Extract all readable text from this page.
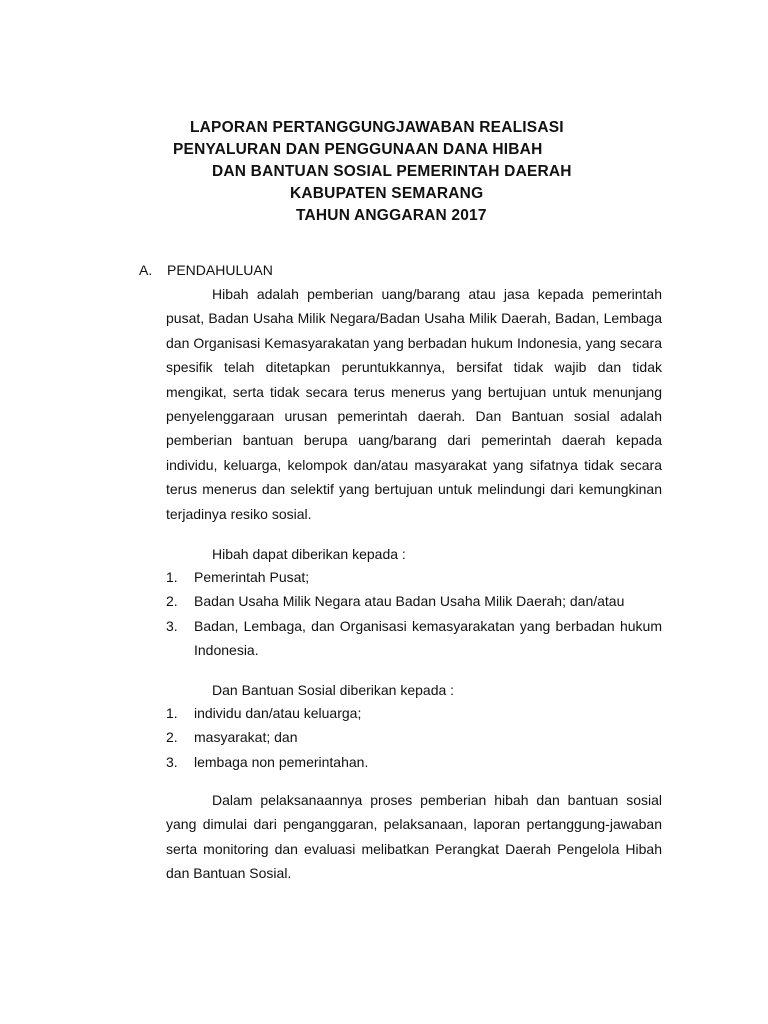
LAPORAN PERTANGGUNGJAWABAN REALISASI
PENYALURAN DAN PENGGUNAAN DANA HIBAH
DAN BANTUAN SOSIAL PEMERINTAH DAERAH
KABUPATEN SEMARANG
TAHUN ANGGARAN 2017
A. PENDAHULUAN

Hibah adalah pemberian uang/barang atau jasa kepada pemerintah pusat, Badan Usaha Milik Negara/Badan Usaha Milik Daerah, Badan, Lembaga dan Organisasi Kemasyarakatan yang berbadan hukum Indonesia, yang secara spesifik telah ditetapkan peruntukkannya, bersifat tidak wajib dan tidak mengikat, serta tidak secara terus menerus yang bertujuan untuk menunjang penyelenggaraan urusan pemerintah daerah. Dan Bantuan sosial adalah pemberian bantuan berupa uang/barang dari pemerintah daerah kepada individu, keluarga, kelompok dan/atau masyarakat yang sifatnya tidak secara terus menerus dan selektif yang bertujuan untuk melindungi dari kemungkinan terjadinya resiko sosial.

Hibah dapat diberikan kepada :
1. Pemerintah Pusat;
2. Badan Usaha Milik Negara atau Badan Usaha Milik Daerah; dan/atau
3. Badan, Lembaga, dan Organisasi kemasyarakatan yang berbadan hukum Indonesia.
Dan Bantuan Sosial diberikan kepada :
1. individu dan/atau keluarga;
2. masyarakat; dan
3. lembaga non pemerintahan.

Dalam pelaksanaannya proses pemberian hibah dan bantuan sosial yang dimulai dari penganggaran, pelaksanaan, laporan pertanggung-jawaban serta monitoring dan evaluasi melibatkan Perangkat Daerah Pengelola Hibah dan Bantuan Sosial.
